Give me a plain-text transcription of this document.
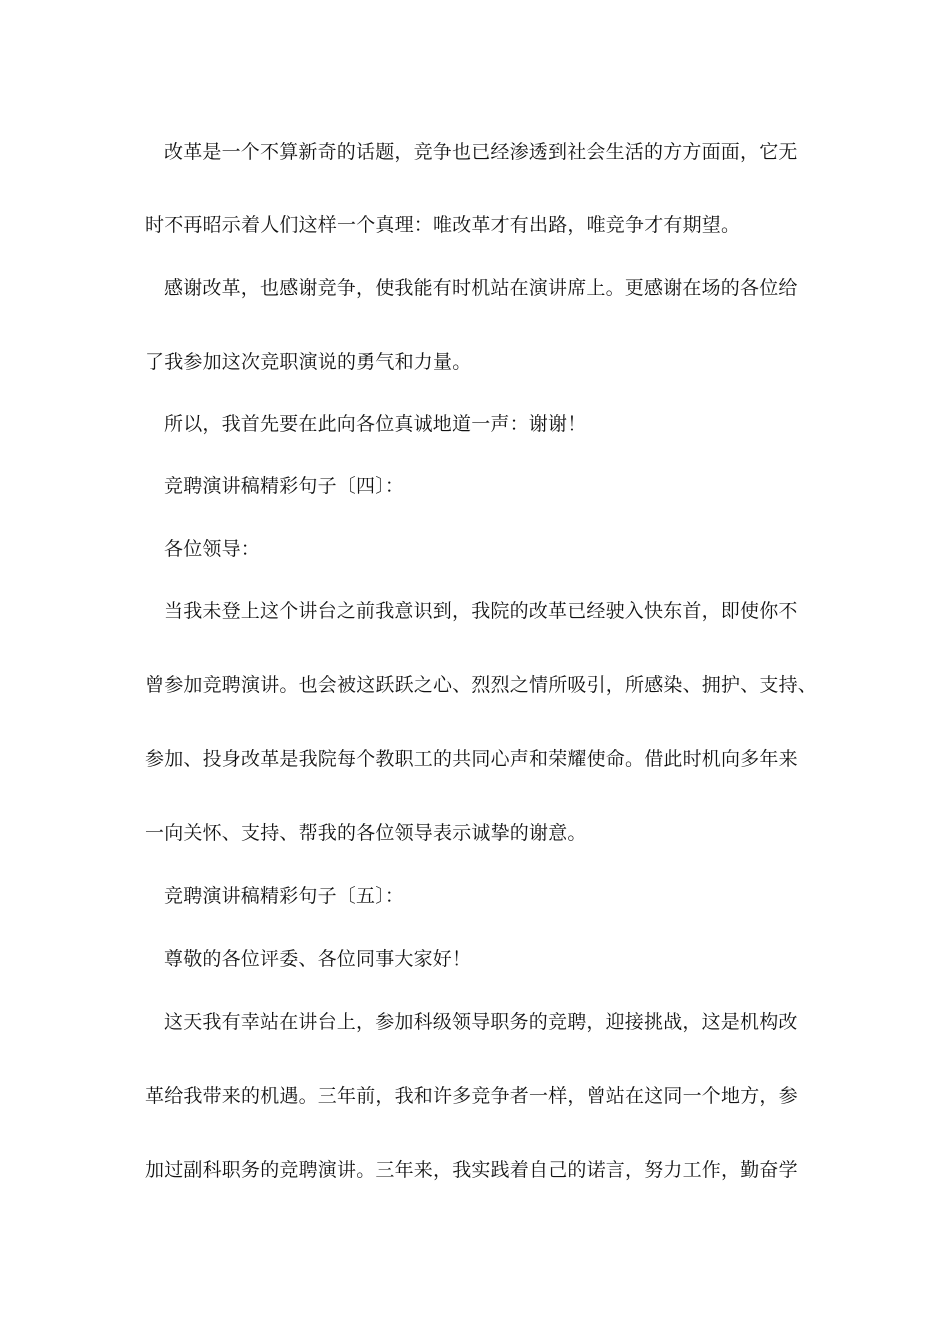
改革是一个不算新奇的话题，竞争也已经渗透到社会生活的方方面面，它无
时不再昭示着人们这样一个真理：唯改革才有出路，唯竞争才有期望。
感谢改革，也感谢竞争，使我能有时机站在演讲席上。更感谢在场的各位给
了我参加这次竞职演说的勇气和力量。
所以，我首先要在此向各位真诚地道一声：谢谢！
竞聘演讲稿精彩句子〔四〕：
各位领导：
当我未登上这个讲台之前我意识到，我院的改革已经驶入快东首，即使你不
曾参加竞聘演讲。也会被这跃跃之心、烈烈之情所吸引，所感染、拥护、支持、
参加、投身改革是我院每个教职工的共同心声和荣耀使命。借此时机向多年来
一向关怀、支持、帮我的各位领导表示诚挚的谢意。
竞聘演讲稿精彩句子〔五〕：
尊敬的各位评委、各位同事大家好！
这天我有幸站在讲台上，参加科级领导职务的竞聘，迎接挑战，这是机构改
革给我带来的机遇。三年前，我和许多竞争者一样，曾站在这同一个地方，参
加过副科职务的竞聘演讲。三年来，我实践着自己的诺言，努力工作，勤奋学
